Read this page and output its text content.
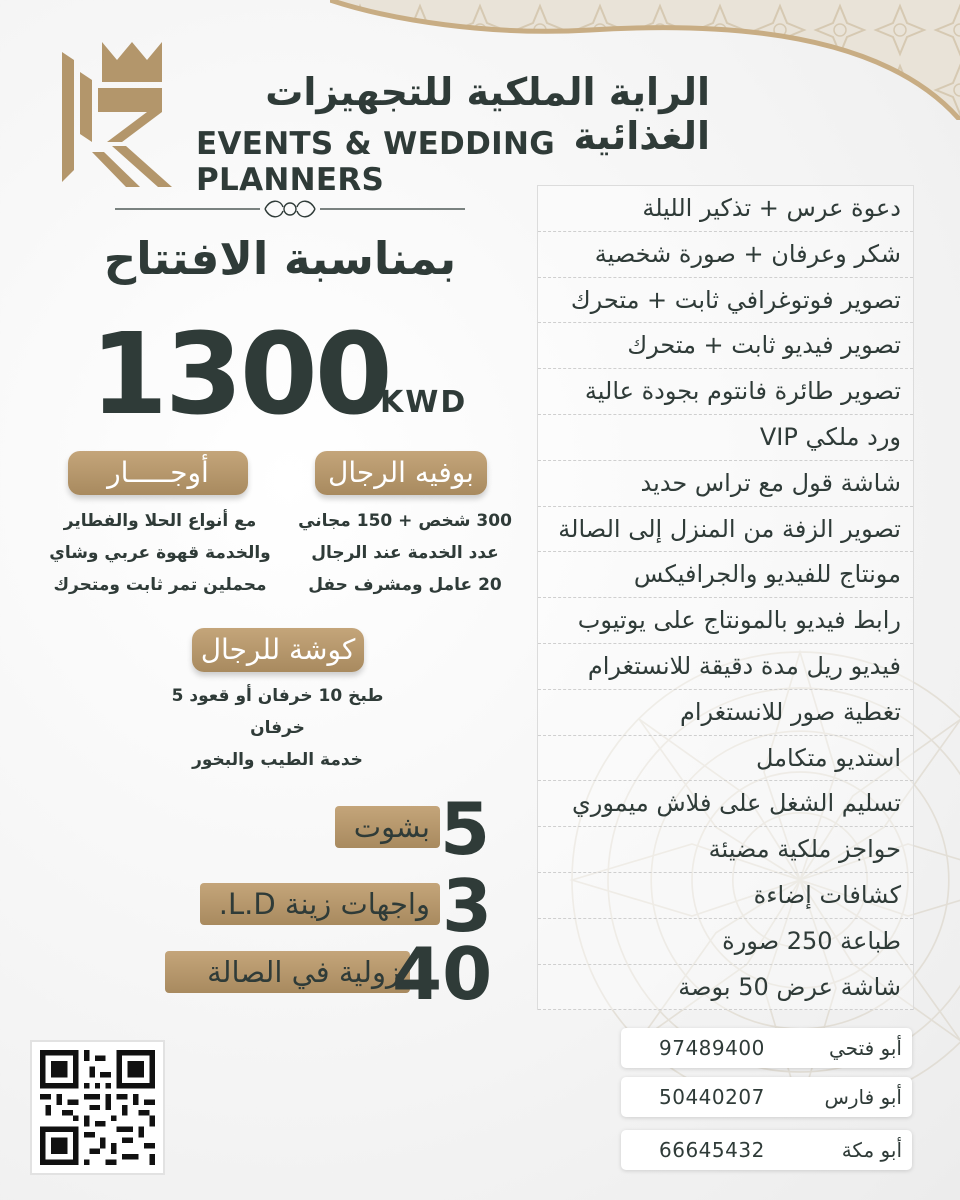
الراية الملكية للتجهيزات الغذائية
EVENTS & WEDDING PLANNERS
بمناسبة الافتتاح
1300
KWD
بوفيه الرجال
300 شخص + 150 مجاني
عدد الخدمة عند الرجال
20 عامل ومشرف حفل
أوجـــــار
مع أنواع الحلا والفطاير
والخدمة قهوة عربي وشاي
محملين تمر ثابت ومتحرك
كوشة للرجال
طبخ 10 خرفان أو قعود 5 خرفان
خدمة الطيب والبخور
بشوت 5
واجهات زينة L.D. 3
زولية في الصالة
40
دعوة عرس + تذكير الليلة
شكر وعرفان + صورة شخصية
تصوير فوتوغرافي ثابت + متحرك
تصوير فيديو ثابت + متحرك
تصوير طائرة فانتوم بجودة عالية
ورد ملكي VIP
شاشة قول مع تراس حديد
تصوير الزفة من المنزل إلى الصالة
مونتاج للفيديو والجرافيكس
رابط فيديو بالمونتاج على يوتيوب
فيديو ريل مدة دقيقة للانستغرام
تغطية صور للانستغرام
استديو متكامل
تسليم الشغل على فلاش ميموري
حواجز ملكية مضيئة
كشافات إضاءة
طباعة 250 صورة
شاشة عرض 50 بوصة
أبو فتحي
97489400
أبو فارس
50440207
أبو مكة
66645432
